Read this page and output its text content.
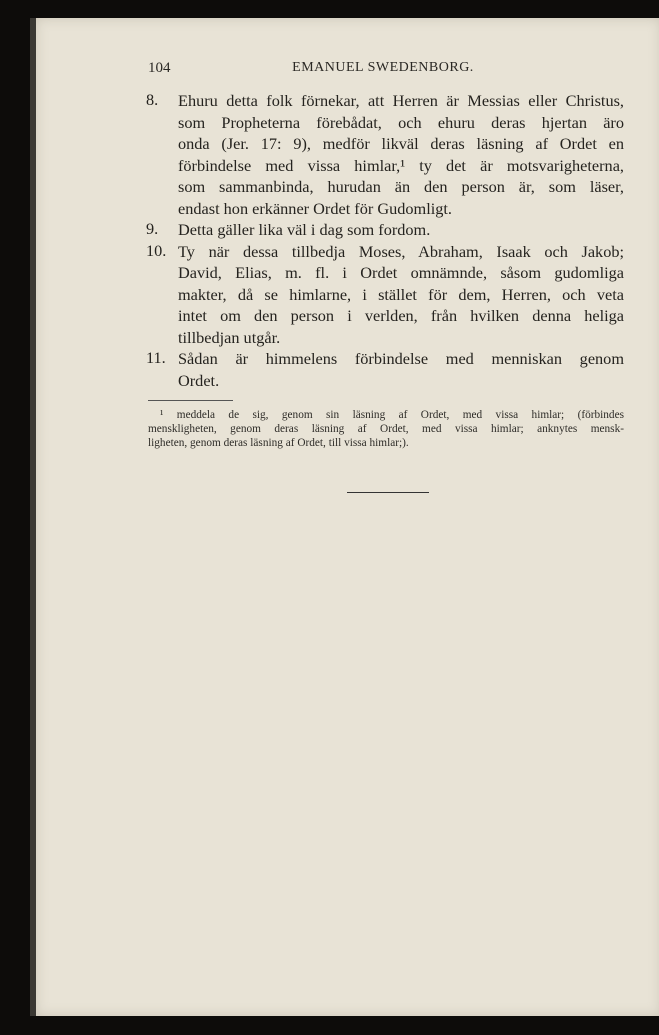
104	EMANUEL SWEDENBORG.
8. Ehuru detta folk förnekar, att Herren är Messias eller Christus,
som Propheterna förebådat, och ehuru deras hjertan äro
onda (Jer. 17: 9), medför likväl deras läsning af Ordet en
förbindelse med vissa himlar,¹ ty det är motsvarigheterna,
som sammanbinda, hurudan än den person är, som läser,
endast hon erkänner Ordet för Gudomligt.
9. Detta gäller lika väl i dag som fordom.
10. Ty när dessa tillbedja Moses, Abraham, Isaak och Jakob;
David, Elias, m. fl. i Ordet omnämnde, såsom gudomliga
makter, då se himlarne, i stället för dem, Herren, och veta
intet om den person i verlden, från hvilken denna heliga
tillbedjan utgår.
11. Sådan är himmelens förbindelse med menniskan genom
Ordet.
¹ meddela de sig, genom sin läsning af Ordet, med vissa himlar; (förbindes
menskligheten, genom deras läsning af Ordet, med vissa himlar; anknytes mensk-
ligheten, genom deras läsning af Ordet, till vissa himlar;).
